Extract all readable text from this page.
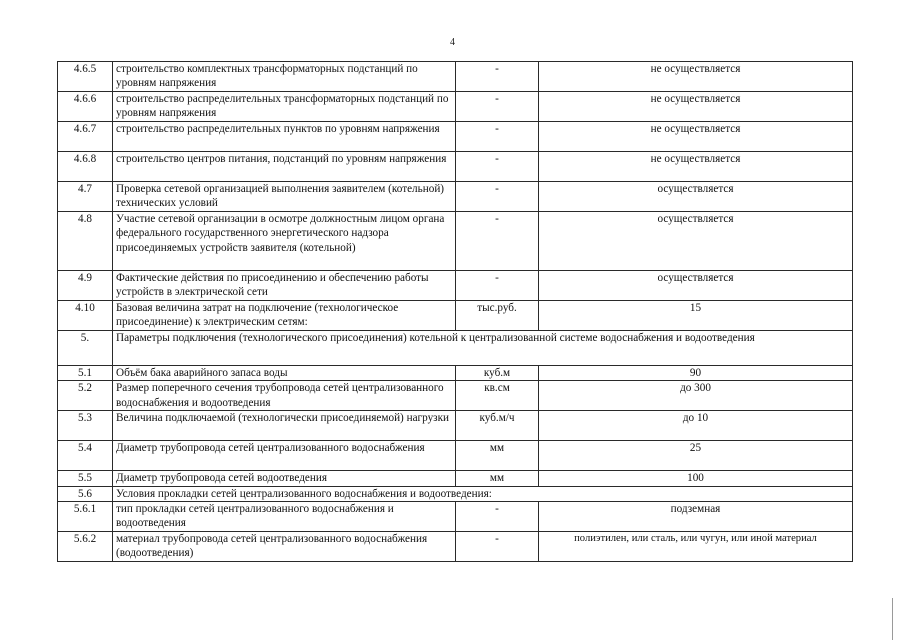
4
4.6.5	строительство комплектных трансформаторных подстанций по уровням напряжения	-	не осуществляется
4.6.6	строительство распределительных трансформаторных подстанций по уровням напряжения	-	не осуществляется
4.6.7	строительство распределительных пунктов по уровням напряжения	-	не осуществляется
4.6.8	строительство центров питания, подстанций по уровням напряжения	-	не осуществляется
4.7	Проверка сетевой организацией выполнения заявителем (котельной) технических условий	-	осуществляется
4.8	Участие сетевой организации в осмотре должностным лицом органа федерального государственного энергетического надзора присоединяемых устройств заявителя (котельной)	-	осуществляется
4.9	Фактические действия по присоединению и обеспечению работы устройств в электрической сети	-	осуществляется
4.10	Базовая величина затрат на подключение (технологическое присоединение) к электрическим сетям:	тыс.руб.	15
5.	Параметры подключения (технологического присоединения) котельной к централизованной системе водоснабжения и водоотведения		
5.1	Объём бака аварийного запаса воды	куб.м	90
5.2	Размер поперечного сечения трубопровода сетей централизованного водоснабжения и водоотведения	кв.см	до 300
5.3	Величина подключаемой (технологически присоединяемой) нагрузки	куб.м/ч	до 10
5.4	Диаметр трубопровода сетей централизованного водоснабжения	мм	25
5.5	Диаметр трубопровода сетей водоотведения	мм	100
5.6	Условия прокладки сетей централизованного водоснабжения и водоотведения:		
5.6.1	тип прокладки сетей централизованного водоснабжения и водоотведения	-	подземная
5.6.2	материал трубопровода сетей централизованного водоснабжения (водоотведения)	-	полиэтилен, или сталь, или чугун, или иной материал
